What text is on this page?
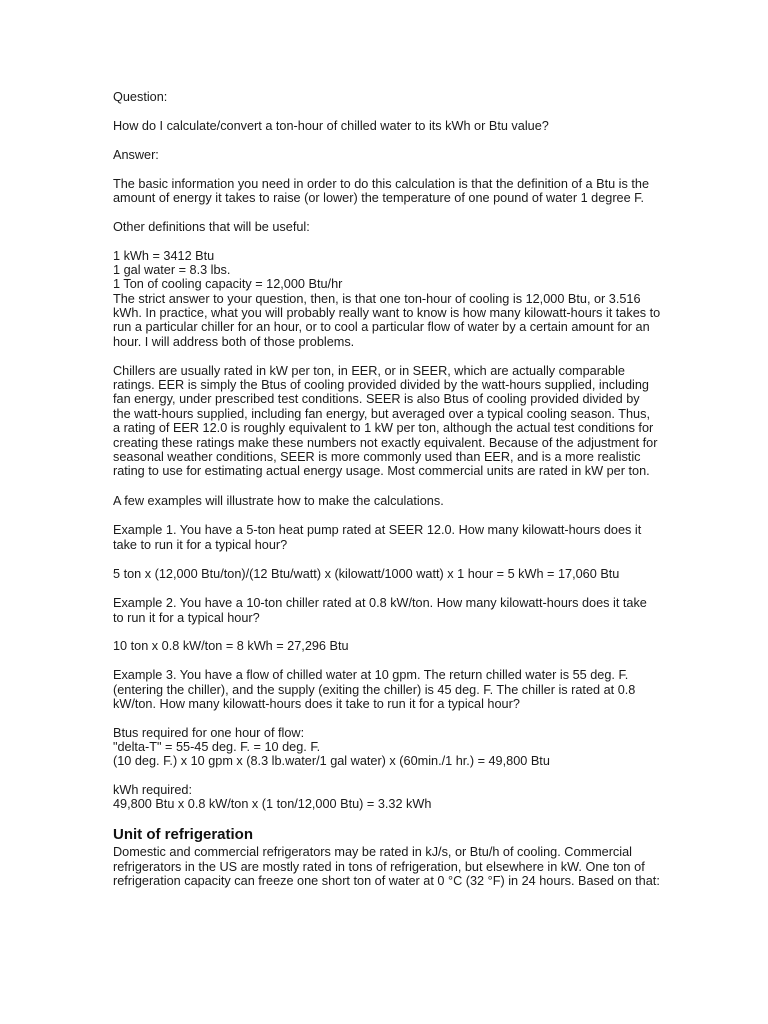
Question:
How do I calculate/convert a ton-hour of chilled water to its kWh or Btu value?
Answer:
The basic information you need in order to do this calculation is that the definition of a Btu is the
amount of energy it takes to raise (or lower) the temperature of one pound of water 1 degree F.
Other definitions that will be useful:
1 kWh = 3412 Btu
1 gal water = 8.3 lbs.
1 Ton of cooling capacity = 12,000 Btu/hr
The strict answer to your question, then, is that one ton-hour of cooling is 12,000 Btu, or 3.516
kWh. In practice, what you will probably really want to know is how many kilowatt-hours it takes to
run a particular chiller for an hour, or to cool a particular flow of water by a certain amount for an
hour. I will address both of those problems.
Chillers are usually rated in kW per ton, in EER, or in SEER, which are actually comparable
ratings. EER is simply the Btus of cooling provided divided by the watt-hours supplied, including
fan energy, under prescribed test conditions. SEER is also Btus of cooling provided divided by
the watt-hours supplied, including fan energy, but averaged over a typical cooling season. Thus,
a rating of EER 12.0 is roughly equivalent to 1 kW per ton, although the actual test conditions for
creating these ratings make these numbers not exactly equivalent. Because of the adjustment for
seasonal weather conditions, SEER is more commonly used than EER, and is a more realistic
rating to use for estimating actual energy usage. Most commercial units are rated in kW per ton.
A few examples will illustrate how to make the calculations.
Example 1. You have a 5-ton heat pump rated at SEER 12.0. How many kilowatt-hours does it
take to run it for a typical hour?
5 ton x (12,000 Btu/ton)/(12 Btu/watt) x (kilowatt/1000 watt) x 1 hour = 5 kWh = 17,060 Btu
Example 2. You have a 10-ton chiller rated at 0.8 kW/ton. How many kilowatt-hours does it take
to run it for a typical hour?
10 ton x 0.8 kW/ton = 8 kWh = 27,296 Btu
Example 3. You have a flow of chilled water at 10 gpm. The return chilled water is 55 deg. F.
(entering the chiller), and the supply (exiting the chiller) is 45 deg. F. The chiller is rated at 0.8
kW/ton. How many kilowatt-hours does it take to run it for a typical hour?
Btus required for one hour of flow:
"delta-T" = 55-45 deg. F. = 10 deg. F.
(10 deg. F.) x 10 gpm x (8.3 lb.water/1 gal water) x (60min./1 hr.) = 49,800 Btu
kWh required:
49,800 Btu x 0.8 kW/ton x (1 ton/12,000 Btu) = 3.32 kWh
Unit of refrigeration
Domestic and commercial refrigerators may be rated in kJ/s, or Btu/h of cooling. Commercial
refrigerators in the US are mostly rated in tons of refrigeration, but elsewhere in kW. One ton of
refrigeration capacity can freeze one short ton of water at 0 °C (32 °F) in 24 hours. Based on that:
